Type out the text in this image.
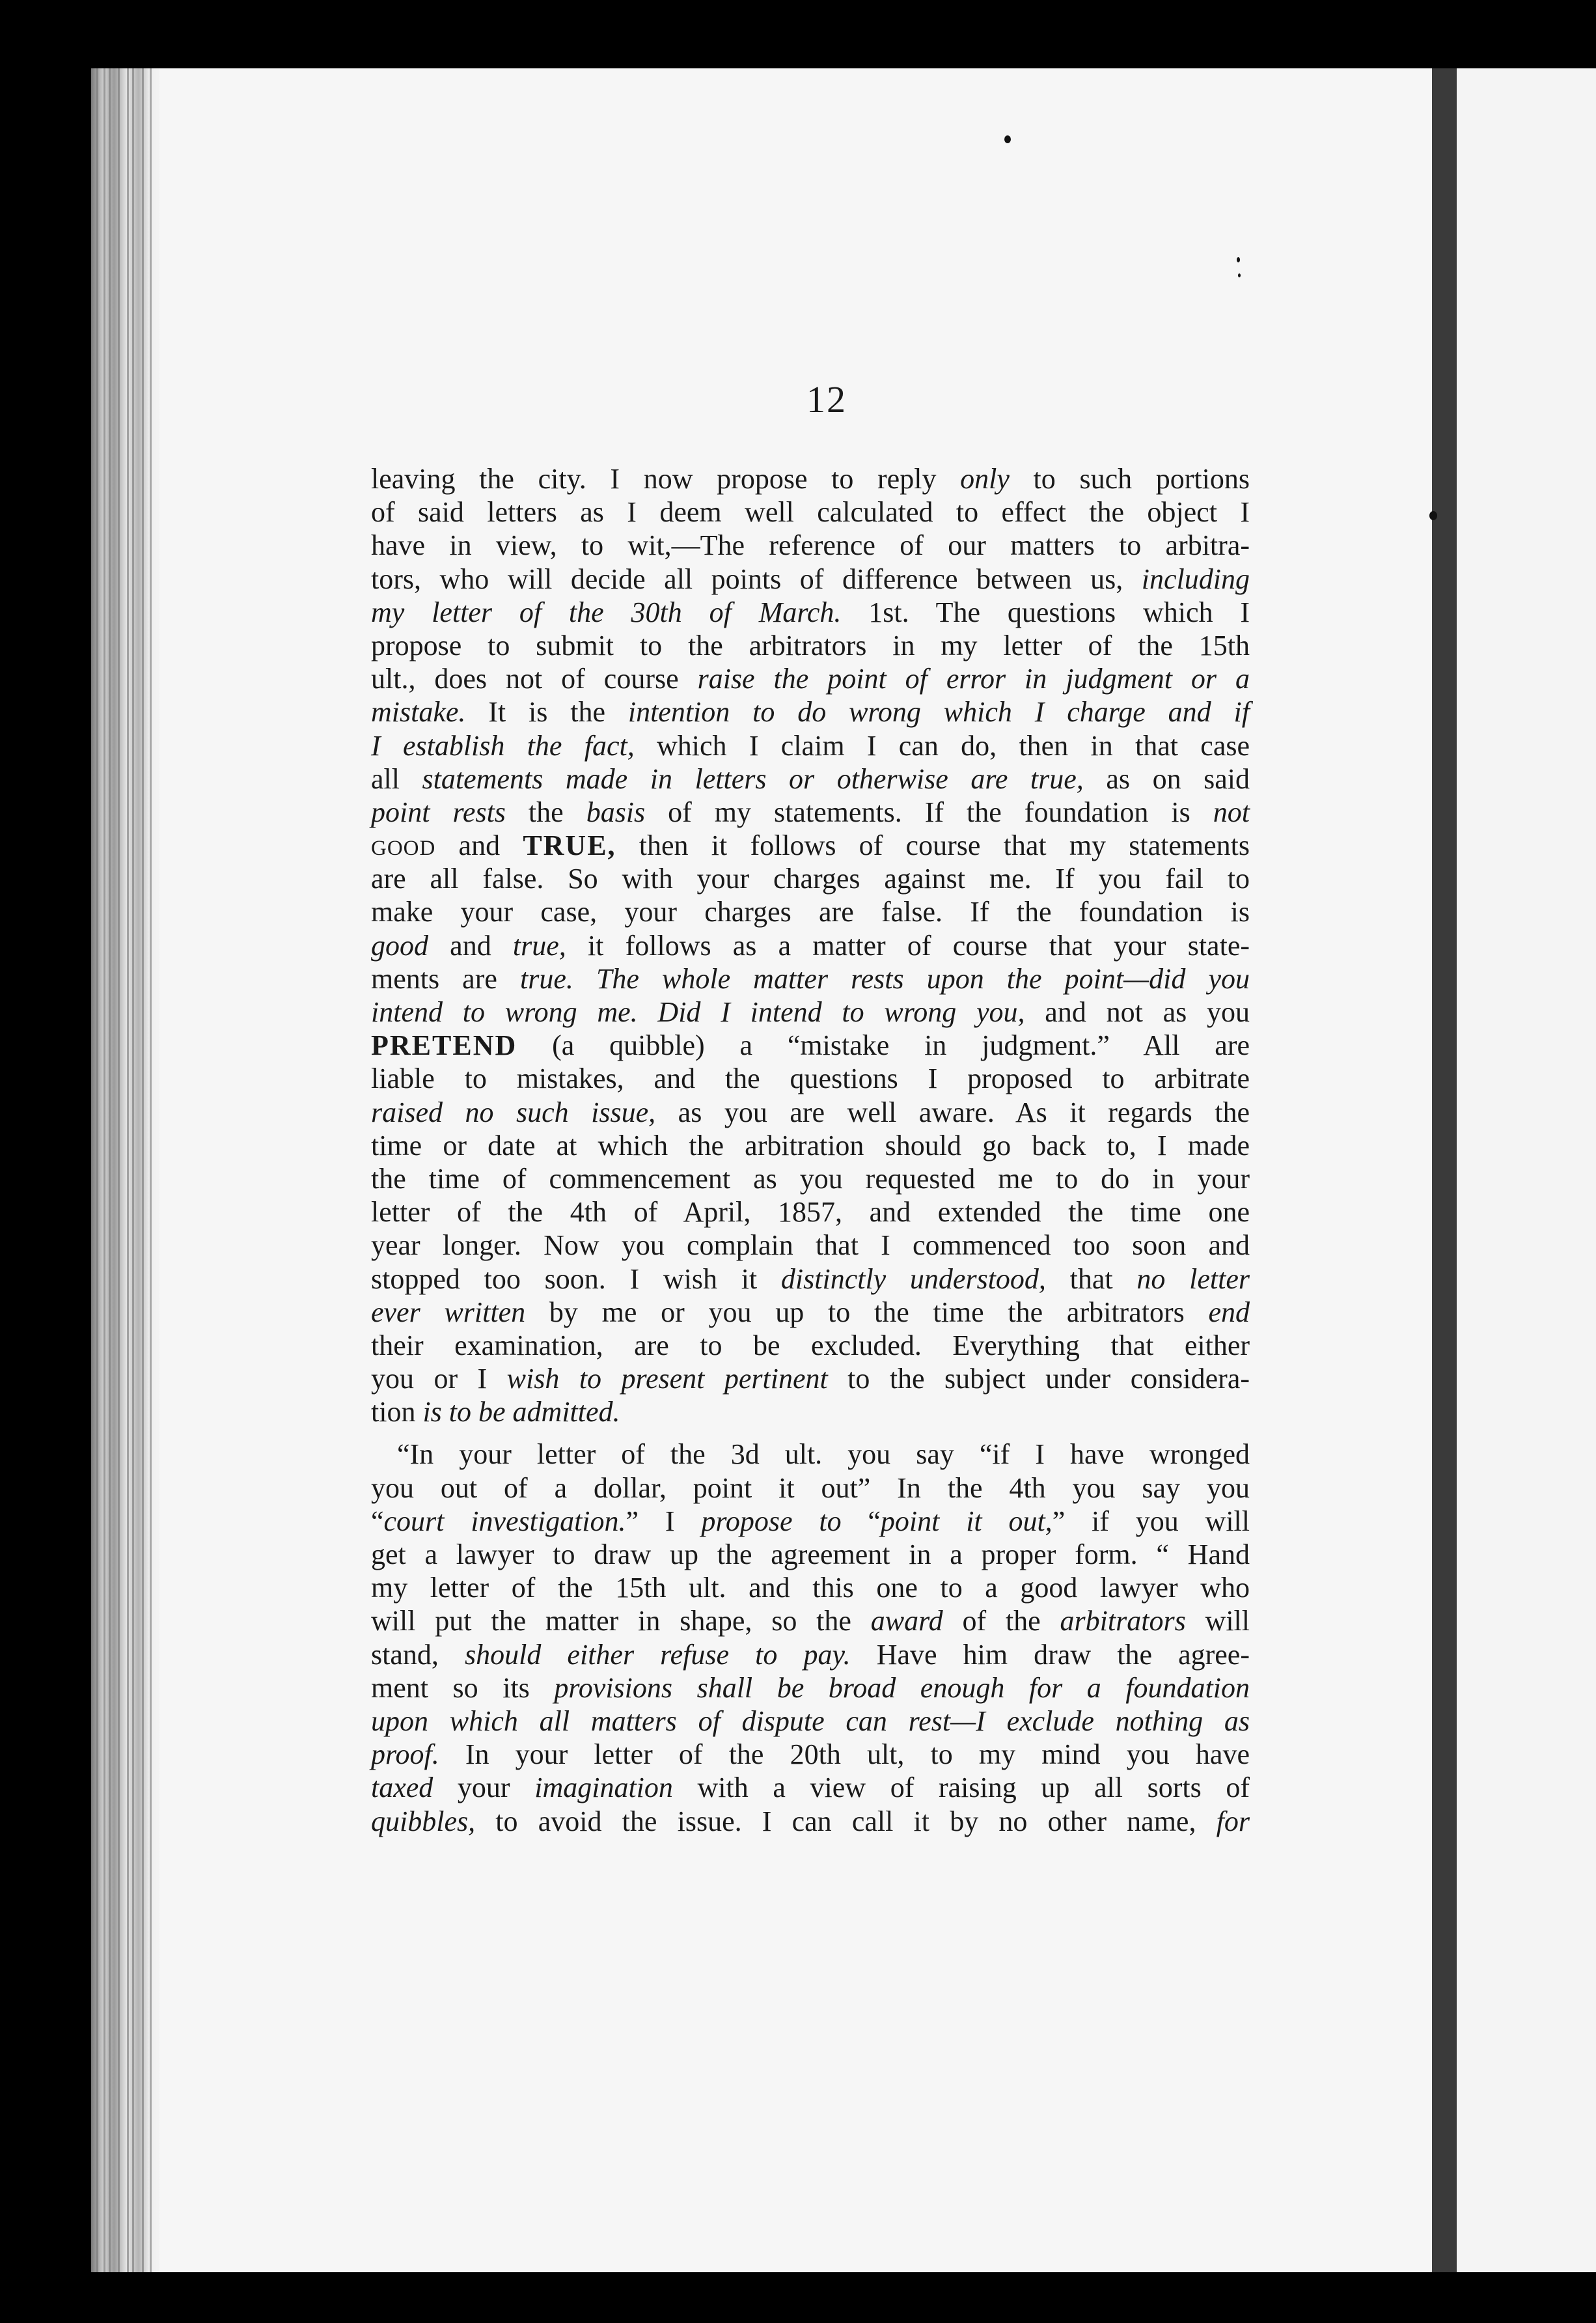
12
leaving the city. I now propose to reply only to such portions
of said letters as I deem well calculated to effect the object I
have in view, to wit,—The reference of our matters to arbitra-
tors, who will decide all points of difference between us, including
my letter of the 30th of March. 1st. The questions which I
propose to submit to the arbitrators in my letter of the 15th
ult., does not of course raise the point of error in judgment or a
mistake. It is the intention to do wrong which I charge and if
I establish the fact, which I claim I can do, then in that case
all statements made in letters or otherwise are true, as on said
point rests the basis of my statements. If the foundation is not
GOOD and TRUE, then it follows of course that my statements
are all false. So with your charges against me. If you fail to
make your case, your charges are false. If the foundation is
good and true, it follows as a matter of course that your state-
ments are true. The whole matter rests upon the point—did you
intend to wrong me. Did I intend to wrong you, and not as you
PRETEND (a quibble) a “mistake in judgment.” All are
liable to mistakes, and the questions I proposed to arbitrate
raised no such issue, as you are well aware. As it regards the
time or date at which the arbitration should go back to, I made
the time of commencement as you requested me to do in your
letter of the 4th of April, 1857, and extended the time one
year longer. Now you complain that I commenced too soon and
stopped too soon. I wish it distinctly understood, that no letter
ever written by me or you up to the time the arbitrators end
their examination, are to be excluded. Everything that either
you or I wish to present pertinent to the subject under considera-
tion is to be admitted.
“In your letter of the 3d ult. you say “if I have wronged
you out of a dollar, point it out” In the 4th you say you
“court investigation.” I propose to “point it out,” if you will
get a lawyer to draw up the agreement in a proper form. “ Hand
my letter of the 15th ult. and this one to a good lawyer who
will put the matter in shape, so the award of the arbitrators will
stand, should either refuse to pay. Have him draw the agree-
ment so its provisions shall be broad enough for a foundation
upon which all matters of dispute can rest—I exclude nothing as
proof. In your letter of the 20th ult, to my mind you have
taxed your imagination with a view of raising up all sorts of
quibbles, to avoid the issue. I can call it by no other name, for
